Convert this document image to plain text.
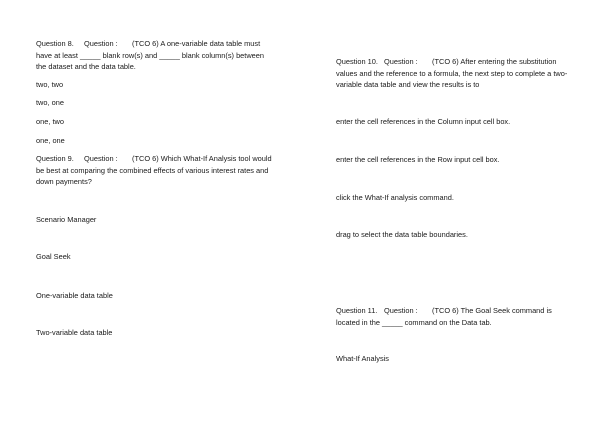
Question 8. Question : (TCO 6) A one-variable data table must have at least _____ blank row(s) and _____ blank column(s) between the dataset and the data table.
two, two
two, one
one, two
one, one
Question 9. Question : (TCO 6) Which What-If Analysis tool would be best at comparing the combined effects of various interest rates and down payments?
Scenario Manager
Goal Seek
One-variable data table
Two-variable data table
Question 10. Question : (TCO 6) After entering the substitution values and the reference to a formula, the next step to complete a two-variable data table and view the results is to
enter the cell references in the Column input cell box.
enter the cell references in the Row input cell box.
click the What-If analysis command.
drag to select the data table boundaries.
Question 11. Question : (TCO 6) The Goal Seek command is located in the _____ command on the Data tab.
What-If Analysis
